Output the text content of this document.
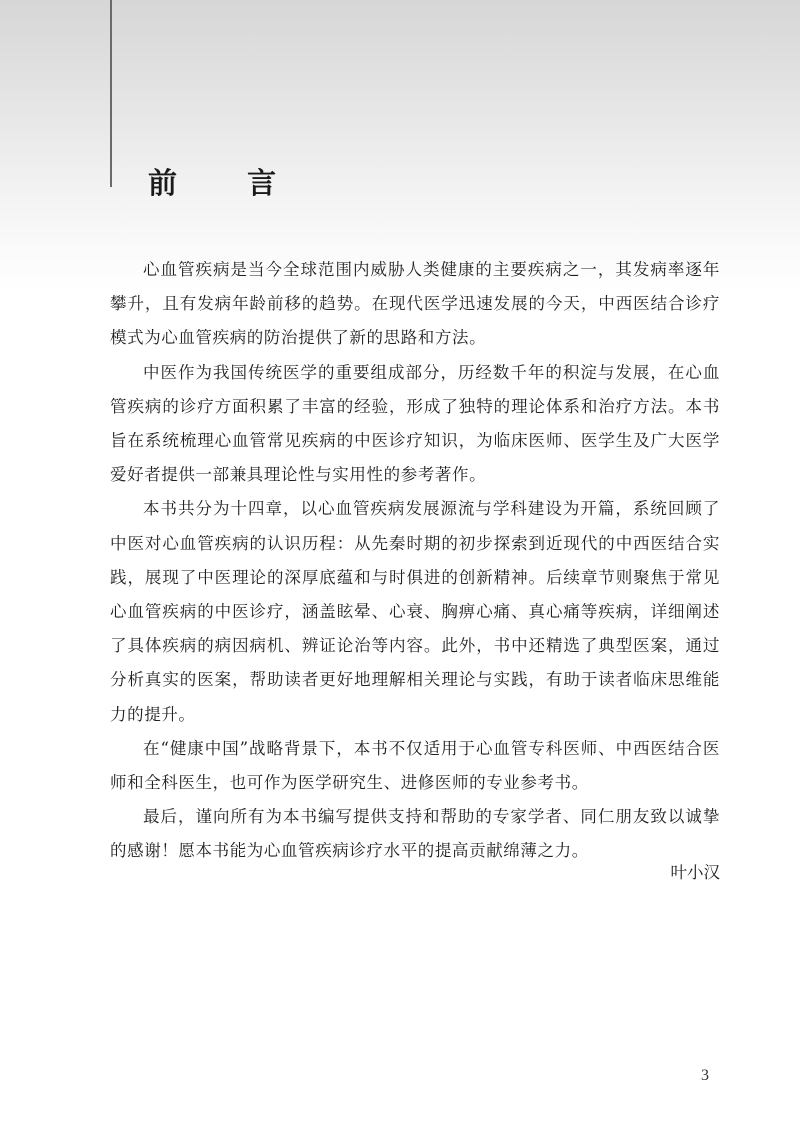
前 言

心血管疾病是当今全球范围内威胁人类健康的主要疾病之一，其发病率逐年攀升，且有发病年龄前移的趋势。在现代医学迅速发展的今天，中西医结合诊疗模式为心血管疾病的防治提供了新的思路和方法。

中医作为我国传统医学的重要组成部分，历经数千年的积淀与发展，在心血管疾病的诊疗方面积累了丰富的经验，形成了独特的理论体系和治疗方法。本书旨在系统梳理心血管常见疾病的中医诊疗知识，为临床医师、医学生及广大医学爱好者提供一部兼具理论性与实用性的参考著作。

本书共分为十四章，以心血管疾病发展源流与学科建设为开篇，系统回顾了中医对心血管疾病的认识历程：从先秦时期的初步探索到近现代的中西医结合实践，展现了中医理论的深厚底蕴和与时俱进的创新精神。后续章节则聚焦于常见心血管疾病的中医诊疗，涵盖眩晕、心衰、胸痹心痛、真心痛等疾病，详细阐述了具体疾病的病因病机、辨证论治等内容。此外，书中还精选了典型医案，通过分析真实的医案，帮助读者更好地理解相关理论与实践，有助于读者临床思维能力的提升。

在“健康中国”战略背景下，本书不仅适用于心血管专科医师、中西医结合医师和全科医生，也可作为医学研究生、进修医师的专业参考书。

最后，谨向所有为本书编写提供支持和帮助的专家学者、同仁朋友致以诚挚的感谢！愿本书能为心血管疾病诊疗水平的提高贡献绵薄之力。

叶小汉
3
